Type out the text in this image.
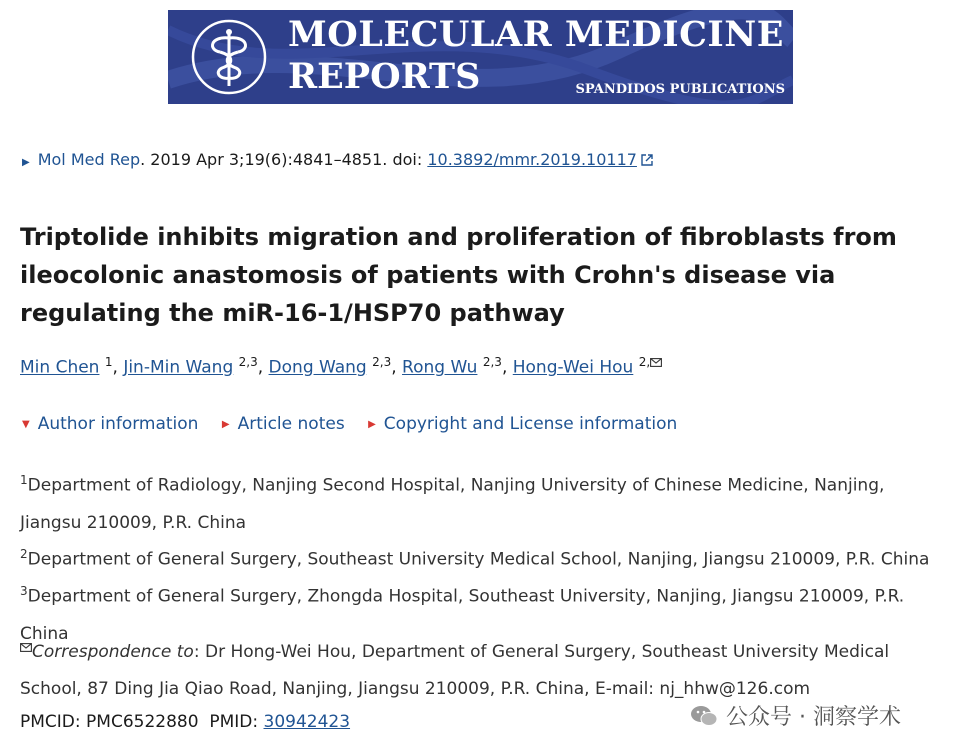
MOLECULAR MEDICINE
REPORTS	SPANDIDOS PUBLICATIONS
▶ Mol Med Rep. 2019 Apr 3;19(6):4841–4851. doi: 10.3892/mmr.2019.10117
Triptolide inhibits migration and proliferation of fibroblasts from ileocolonic anastomosis of patients with Crohn's disease via regulating the miR-16-1/HSP70 pathway
Min Chen $^1$, Jin-Min Wang $^{2,3}$, Dong Wang $^{2,3}$, Rong Wu $^{2,3}$, Hong-Wei Hou $^{2,}$
▼ Author information ▶ Article notes ▶ Copyright and License information
$^1$Department of Radiology, Nanjing Second Hospital, Nanjing University of Chinese Medicine, Nanjing, Jiangsu 210009, P.R. China
$^2$Department of General Surgery, Southeast University Medical School, Nanjing, Jiangsu 210009, P.R. China
$^3$Department of General Surgery, Zhongda Hospital, Southeast University, Nanjing, Jiangsu 210009, P.R. China
Correspondence to: Dr Hong-Wei Hou, Department of General Surgery, Southeast University Medical School, 87 Ding Jia Qiao Road, Nanjing, Jiangsu 210009, P.R. China, E-mail: nj_hhw@126.com
PMCID: PMC6522880 PMID: 30942423	公众号 · 洞察学术
